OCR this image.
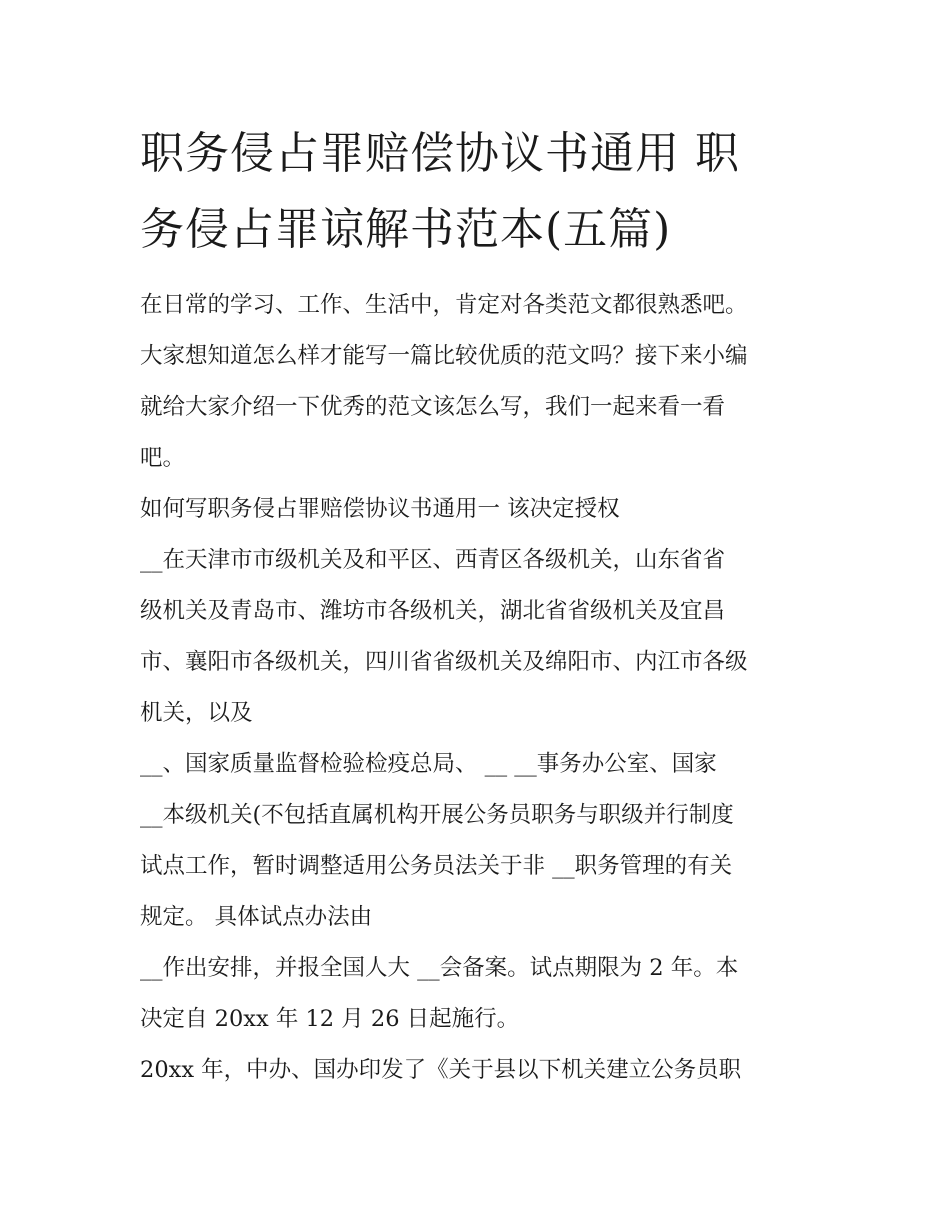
职务侵占罪赔偿协议书通用 职
务侵占罪谅解书范本(五篇)
在日常的学习、工作、生活中，肯定对各类范文都很熟悉吧。
大家想知道怎么样才能写一篇比较优质的范文吗？接下来小编
就给大家介绍一下优秀的范文该怎么写，我们一起来看一看
吧。
如何写职务侵占罪赔偿协议书通用一 该决定授权
__在天津市市级机关及和平区、西青区各级机关，山东省省
级机关及青岛市、潍坊市各级机关，湖北省省级机关及宜昌
市、襄阳市各级机关，四川省省级机关及绵阳市、内江市各级
机关，以及
__、国家质量监督检验检疫总局、 __ __事务办公室、国家
__本级机关(不包括直属机构开展公务员职务与职级并行制度
试点工作，暂时调整适用公务员法关于非 __职务管理的有关
规定。 具体试点办法由
__作出安排，并报全国人大 __会备案。试点期限为 2 年。本
决定自 20xx 年 12 月 26 日起施行。
20xx 年，中办、国办印发了《关于县以下机关建立公务员职
